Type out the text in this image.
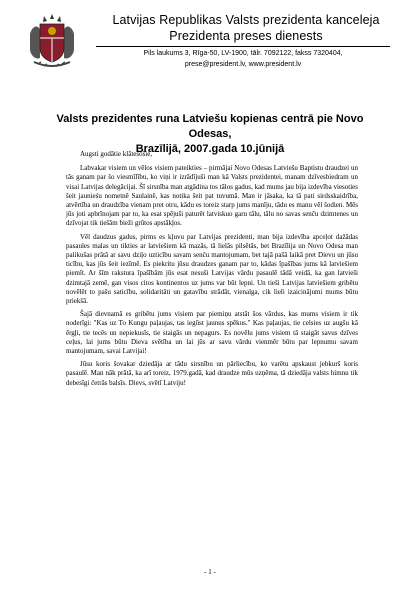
Latvijas Republikas Valsts prezidenta kanceleja
Prezidenta preses dienests
Pils laukums 3, Rīga-50, LV-1900, tālr. 7092122, fakss 7320404,
prese@president.lv, www.president.lv
Valsts prezidentes runa Latviešu kopienas centrā pie Novo Odesas,
Brazīlijā, 2007.gada 10.jūnijā

Augsti godātie klātesošie,

Labvakar visiem un vēlos visiem pateikties – pirmājai Novo Odesas Latviešu Baptistu draudzei un tās ganam par šo viesmīlību, ko viņi ir izrādījuši man kā Valsts prezidentei, manam dzīvesbiedram un visai Latvijas delegācijai. Šī sirsnība man atgādina tos tālos gadus, kad mums jau bija izdevība viesoties šeit jaunieśu nometnē Saulainē, kas notika šeit pat tuvumā. Man ir jāsaka, ka tā pati sirdsskaidrība, atvērtība un draudzība vienam pret otru, kādu es toreiz starp jums manīju, tādu es manu vēl šodien. Mēs jūs joti apbrīnojam par to, ka esat spējuši paturēt latviskuo garu tālu, tālu no savas senču dzimtenes un dzīvojat tik tiešām bieži grūtos apstākļos.

Vēl daudzus gadus, pirms es kļuvu par Latvijas prezidenti, man bija izdevība apceļot dažādas pasaules malas un tikties ar latviešiem kā mazās, tā lielās pilsētās, bet Brazīlija un Novo Odesa man palikušas prātā ar savu dziļo uzticību savam senču mantojumam, bet tajā pašā laikā pret Dievu un jūsu ticību, kas jūs šeit iezīmē. Es piekritu jūsu draudzes ganam par to, kādas īpašības jums kā latviešiem piemīt. Ar šīm rakstura īpašībām jūs esat nesuši Latvijas vārdu pasaulē tādā veidā, ka gan latvieši dzimtajā zemē, gan visos citos kontinentos uz jums var būt lepni. Un tieši Latvijas latviešiem gribētu novēlēt to pašu saticību, solidaritāti un gatavību strādāt, vienalga, cik lieli izaicinājumi mums būtu priekšā.

Šajā dievnamā es gribētu jums visiem par piemiņu atstāt šos vārdus, kas mums visiem ir tik noderīgi: "Kas uz To Kungu paļaujas, tas iegūst jaunus spēkus." Kas paļaujas, tie celsies uz augšu kā ērgļi, tie tecēs un nepiekusīs, tie staigās un nepagurs. Es novēlu jums visiem tā staigāt savus dzīves ceļus, lai jums būtu Dieva svētība un lai jūs ar savu vārdu vienmēr būtu par lepnumu savam mantojumam, savai Latvijai!

Jūsu koris šovakar dziedāja ar tādu sirsnību un pārliecību, ko varētu apskaust jebkurš koris pasaulē. Man nāk prātā, ka arī toreiz, 1979.gadā, kad draudze mūs uzņēma, tā dziedāja valsts himnu tik debesīgi četrās balsīs. Dievs, svētī Latviju!

- 1 -
